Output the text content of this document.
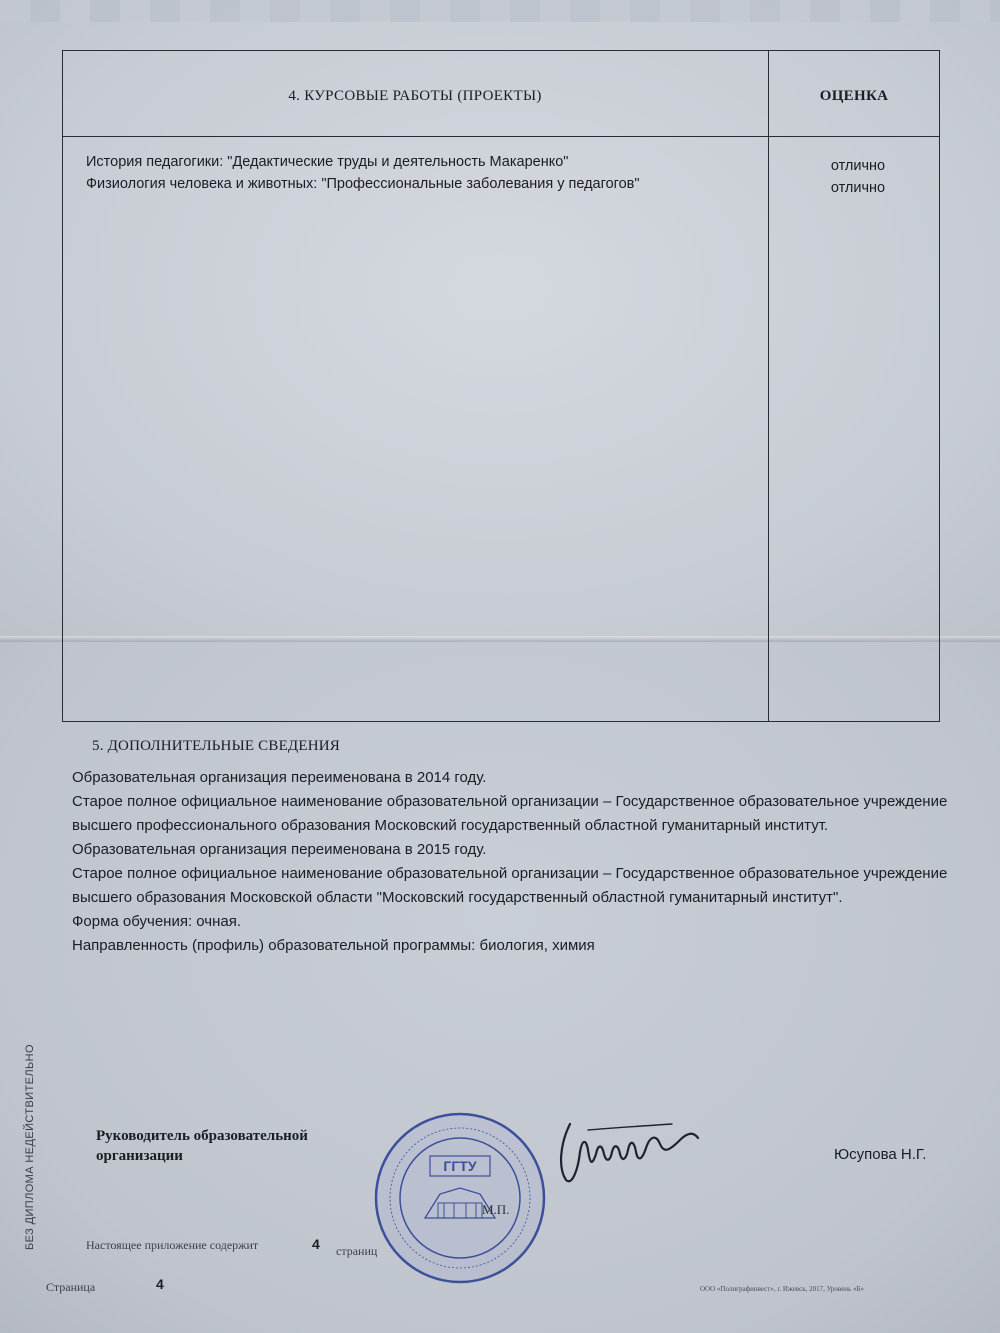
4. КУРСОВЫЕ РАБОТЫ (ПРОЕКТЫ)	ОЦЕНКА
История педагогики: "Дедактические труды и деятельность Макаренко"	отлично
Физиология человека и животных: "Профессиональные заболевания у педагогов"	отлично
5. ДОПОЛНИТЕЛЬНЫЕ СВЕДЕНИЯ

Образовательная организация переименована в 2014 году.

Старое полное официальное наименование образовательной организации – Государственное образовательное учреждение высшего профессионального образования Московский государственный областной гуманитарный институт.

Образовательная организация переименована в 2015 году.

Старое полное официальное наименование образовательной организации – Государственное образовательное учреждение высшего образования Московской области "Московский государственный областной гуманитарный институт".

Форма обучения: очная.

Направленность (профиль) образовательной программы: биология, химия

БЕЗ ДИПЛОМА НЕДЕЙСТВИТЕЛЬНО	Руководитель образовательной
организации	Юсупова Н.Г.
ГГТУ
М.П.
Настоящее приложение содержит	4 страниц
Страница	4	ООО «Полиграфинвест», г. Ижевск, 2017, Уровень «Б»
